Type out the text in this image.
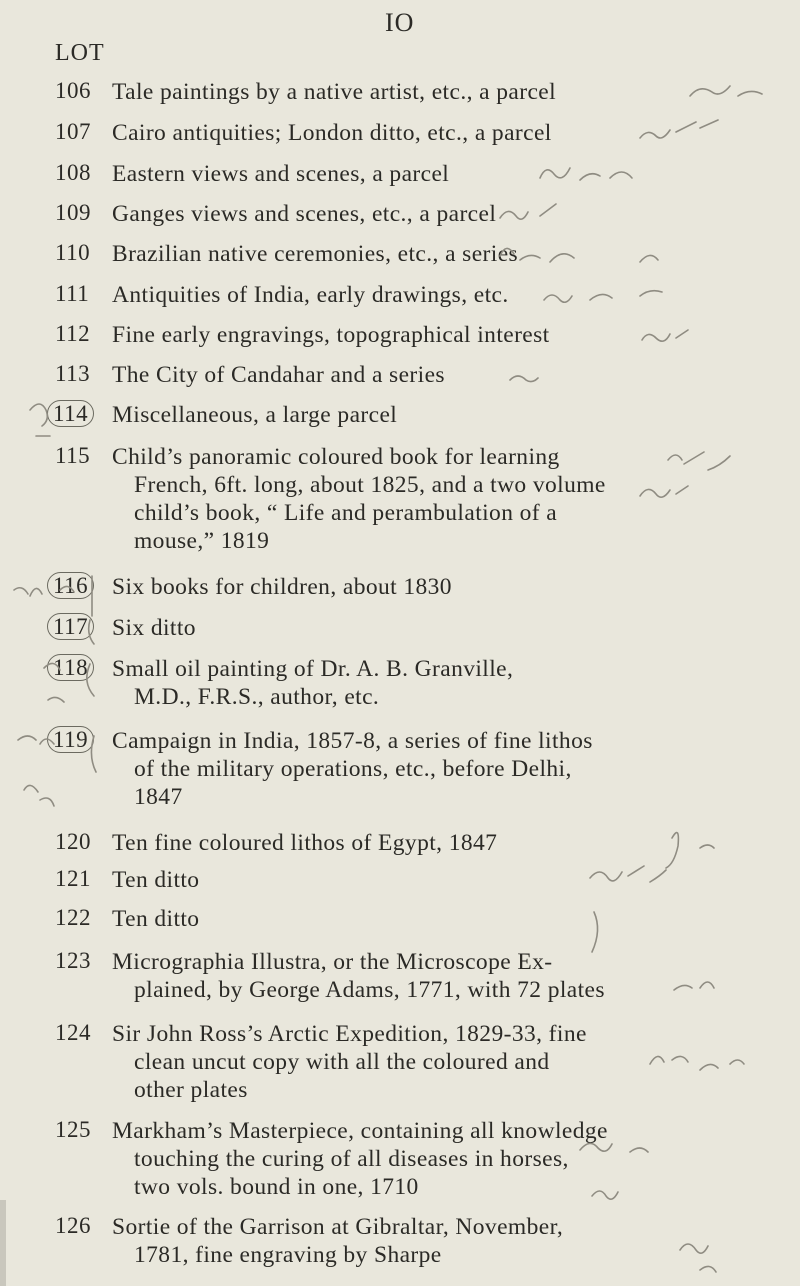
IO
LOT
106 Tale paintings by a native artist, etc., a parcel
107 Cairo antiquities; London ditto, etc., a parcel
108 Eastern views and scenes, a parcel
109 Ganges views and scenes, etc., a parcel
110 Brazilian native ceremonies, etc., a series
111 Antiquities of India, early drawings, etc.
112 Fine early engravings, topographical interest
113 The City of Candahar and a series
114 Miscellaneous, a large parcel
115 Child’s panoramic coloured book for learning
French, 6ft. long, about 1825, and a two volume
child’s book, “ Life and perambulation of a
mouse,” 1819
116 Six books for children, about 1830
117 Six ditto
118 Small oil painting of Dr. A. B. Granville,
M.D., F.R.S., author, etc.
119 Campaign in India, 1857-8, a series of fine lithos
of the military operations, etc., before Delhi,
1847
120 Ten fine coloured lithos of Egypt, 1847
121 Ten ditto
122 Ten ditto
123 Micrographia Illustra, or the Microscope Ex-
plained, by George Adams, 1771, with 72 plates
124 Sir John Ross’s Arctic Expedition, 1829-33, fine
clean uncut copy with all the coloured and
other plates
125 Markham’s Masterpiece, containing all knowledge
touching the curing of all diseases in horses,
two vols. bound in one, 1710
126 Sortie of the Garrison at Gibraltar, November,
1781, fine engraving by Sharpe
